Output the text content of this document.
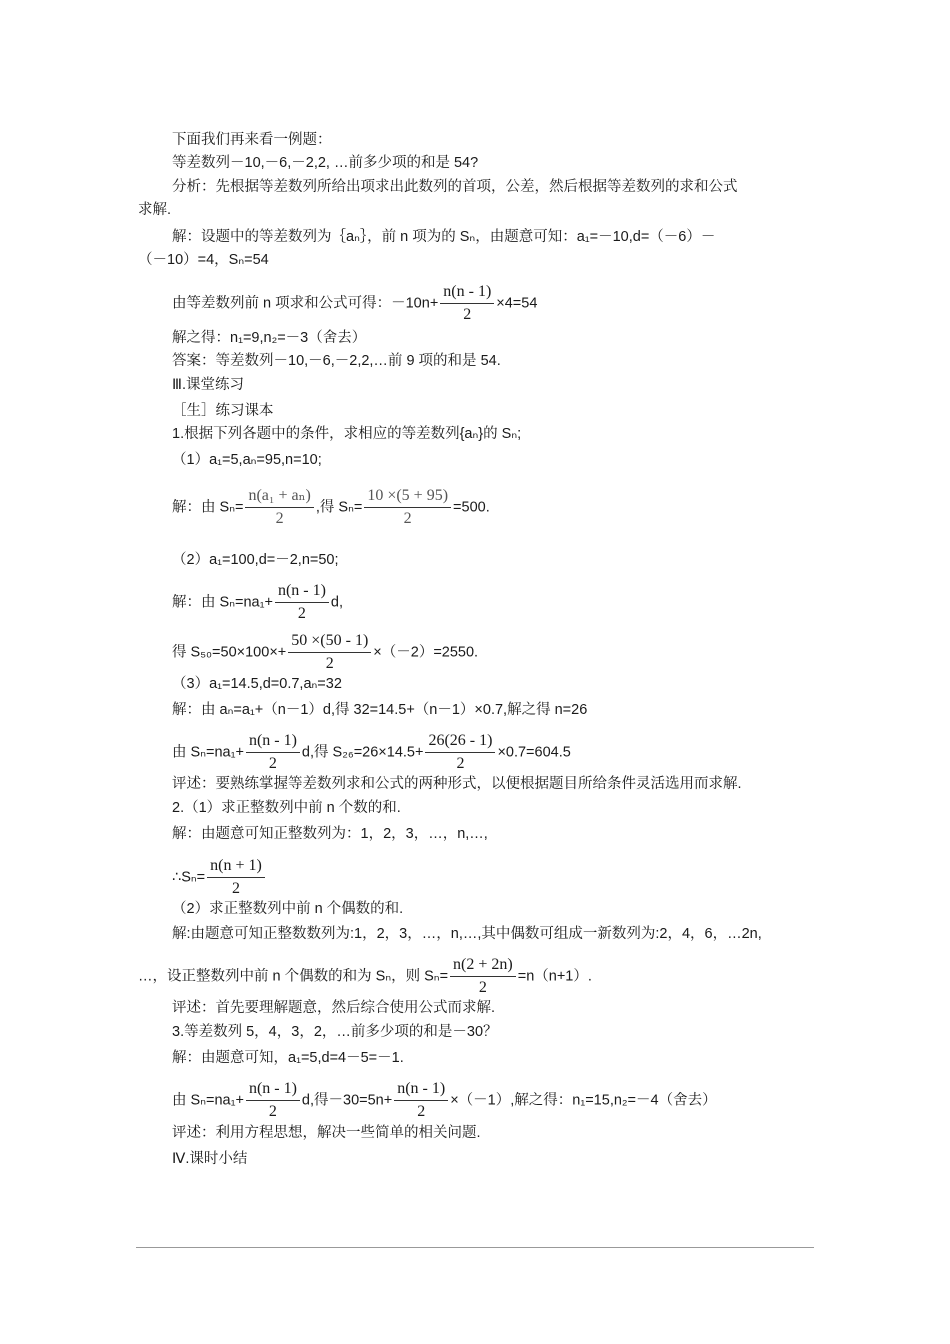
下面我们再来看一例题：
等差数列－10,－6,－2,2, …前多少项的和是 54?
分析：先根据等差数列所给出项求出此数列的首项，公差，然后根据等差数列的求和公式
求解.
解：设题中的等差数列为｛aₙ｝，前 n 项为的 Sₙ，由题意可知：a₁=－10,d=（－6）－
（－10）=4，Sₙ=54
由等差数列前 n 项求和公式可得：$-10n+ \frac{n(n - 1)}{2} \times 4=54$
解之得：n₁=9,n₂=－3（舍去）
答案：等差数列－10,－6,－2,2,…前 9 项的和是 54.
Ⅲ.课堂练习
［生］练习课本
1.根据下列各题中的条件，求相应的等差数列{aₙ}的 Sₙ;
（1）a₁=5,aₙ=95,n=10;
解：由 $S_n= \frac{\text{n(a₁ + aₙ)}}{2}$ ,得 $S_n= \frac{10 \times(5 + 95)}{2} =500$.
（2）a₁=100,d=－2,n=50;
解：由 $S_n=na_1+ \frac{n(n - 1)}{2} d$,
得 $S_{50}=50\times 100\times+ \frac{50 \times(50 - 1)}{2} \times(-2)=2550$.
（3）a₁=14.5,d=0.7,aₙ=32
解：由 aₙ=a₁+（n－1）d,得 32=14.5+（n－1）×0.7,解之得 n=26
由 $S_n=na_1+ \frac{n(n - 1)}{2} d$,得 $S_{26}=26\times 14.5+ \frac{26(26 - 1)}{2} \times 0.7=604.5$
评述：要熟练掌握等差数列求和公式的两种形式，以便根据题目所给条件灵活选用而求解.
2.（1）求正整数列中前 n 个数的和.
解：由题意可知正整数列为：1，2，3，…，n,…,
∴Sₙ= $\frac{n(n + 1)}{2}$
（2）求正整数列中前 n 个偶数的和.
解:由题意可知正整数数列为:1，2，3，…，n,…,其中偶数可组成一新数列为:2，4，6，…2n,
…，设正整数列中前 n 个偶数的和为 Sₙ，则 $S_n= \frac{n(2 + 2n)}{2} =n(n+1)$.
评述：首先要理解题意，然后综合使用公式而求解.
3.等差数列 5，4，3，2，…前多少项的和是－30？
解：由题意可知，a₁=5,d=4－5=－1.
由 $S_n=na_1+ \frac{n(n - 1)}{2} d$,得$-30=5n+ \frac{n(n - 1)}{2} \times(-1)$,解之得：n₁=15,n₂=－4（舍去）
评述：利用方程思想，解决一些简单的相关问题.
Ⅳ.课时小结
